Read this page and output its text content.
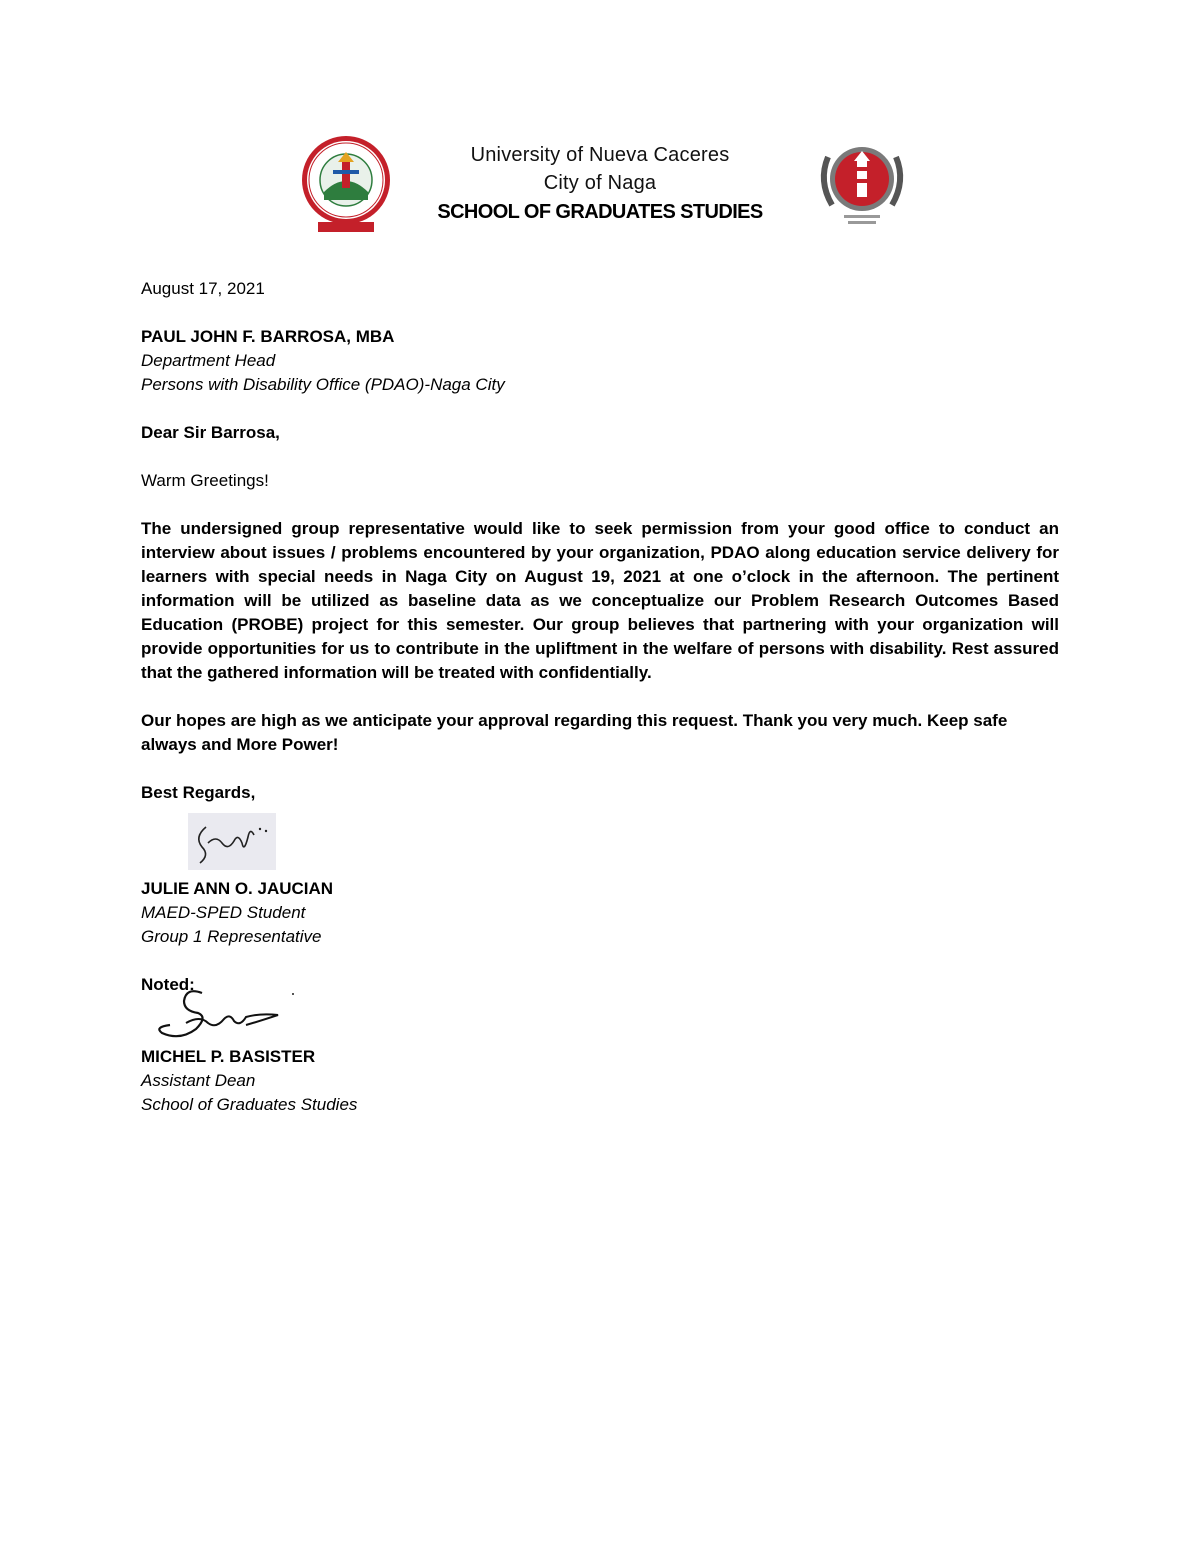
University of Nueva Caceres
City of Naga
SCHOOL OF GRADUATES STUDIES

August 17, 2021

PAUL JOHN F. BARROSA, MBA

Department Head

Persons with Disability Office (PDAO)-Naga City

Dear Sir Barrosa,

Warm Greetings!

The undersigned group representative would like to seek permission from your good office to conduct an interview about issues / problems encountered by your organization, PDAO along education service delivery for learners with special needs in Naga City on August 19, 2021 at one o’clock in the afternoon. The pertinent information will be utilized as baseline data as we conceptualize our Problem Research Outcomes Based Education (PROBE) project for this semester. Our group believes that partnering with your organization will provide opportunities for us to contribute in the upliftment in the welfare of persons with disability. Rest assured that the gathered information will be treated with confidentially.

Our hopes are high as we anticipate your approval regarding this request. Thank you very much. Keep safe always and More Power!

Best Regards,

JULIE ANN O. JAUCIAN

MAED-SPED Student

Group 1 Representative

Noted:

MICHEL P. BASISTER

Assistant Dean

School of Graduates Studies
